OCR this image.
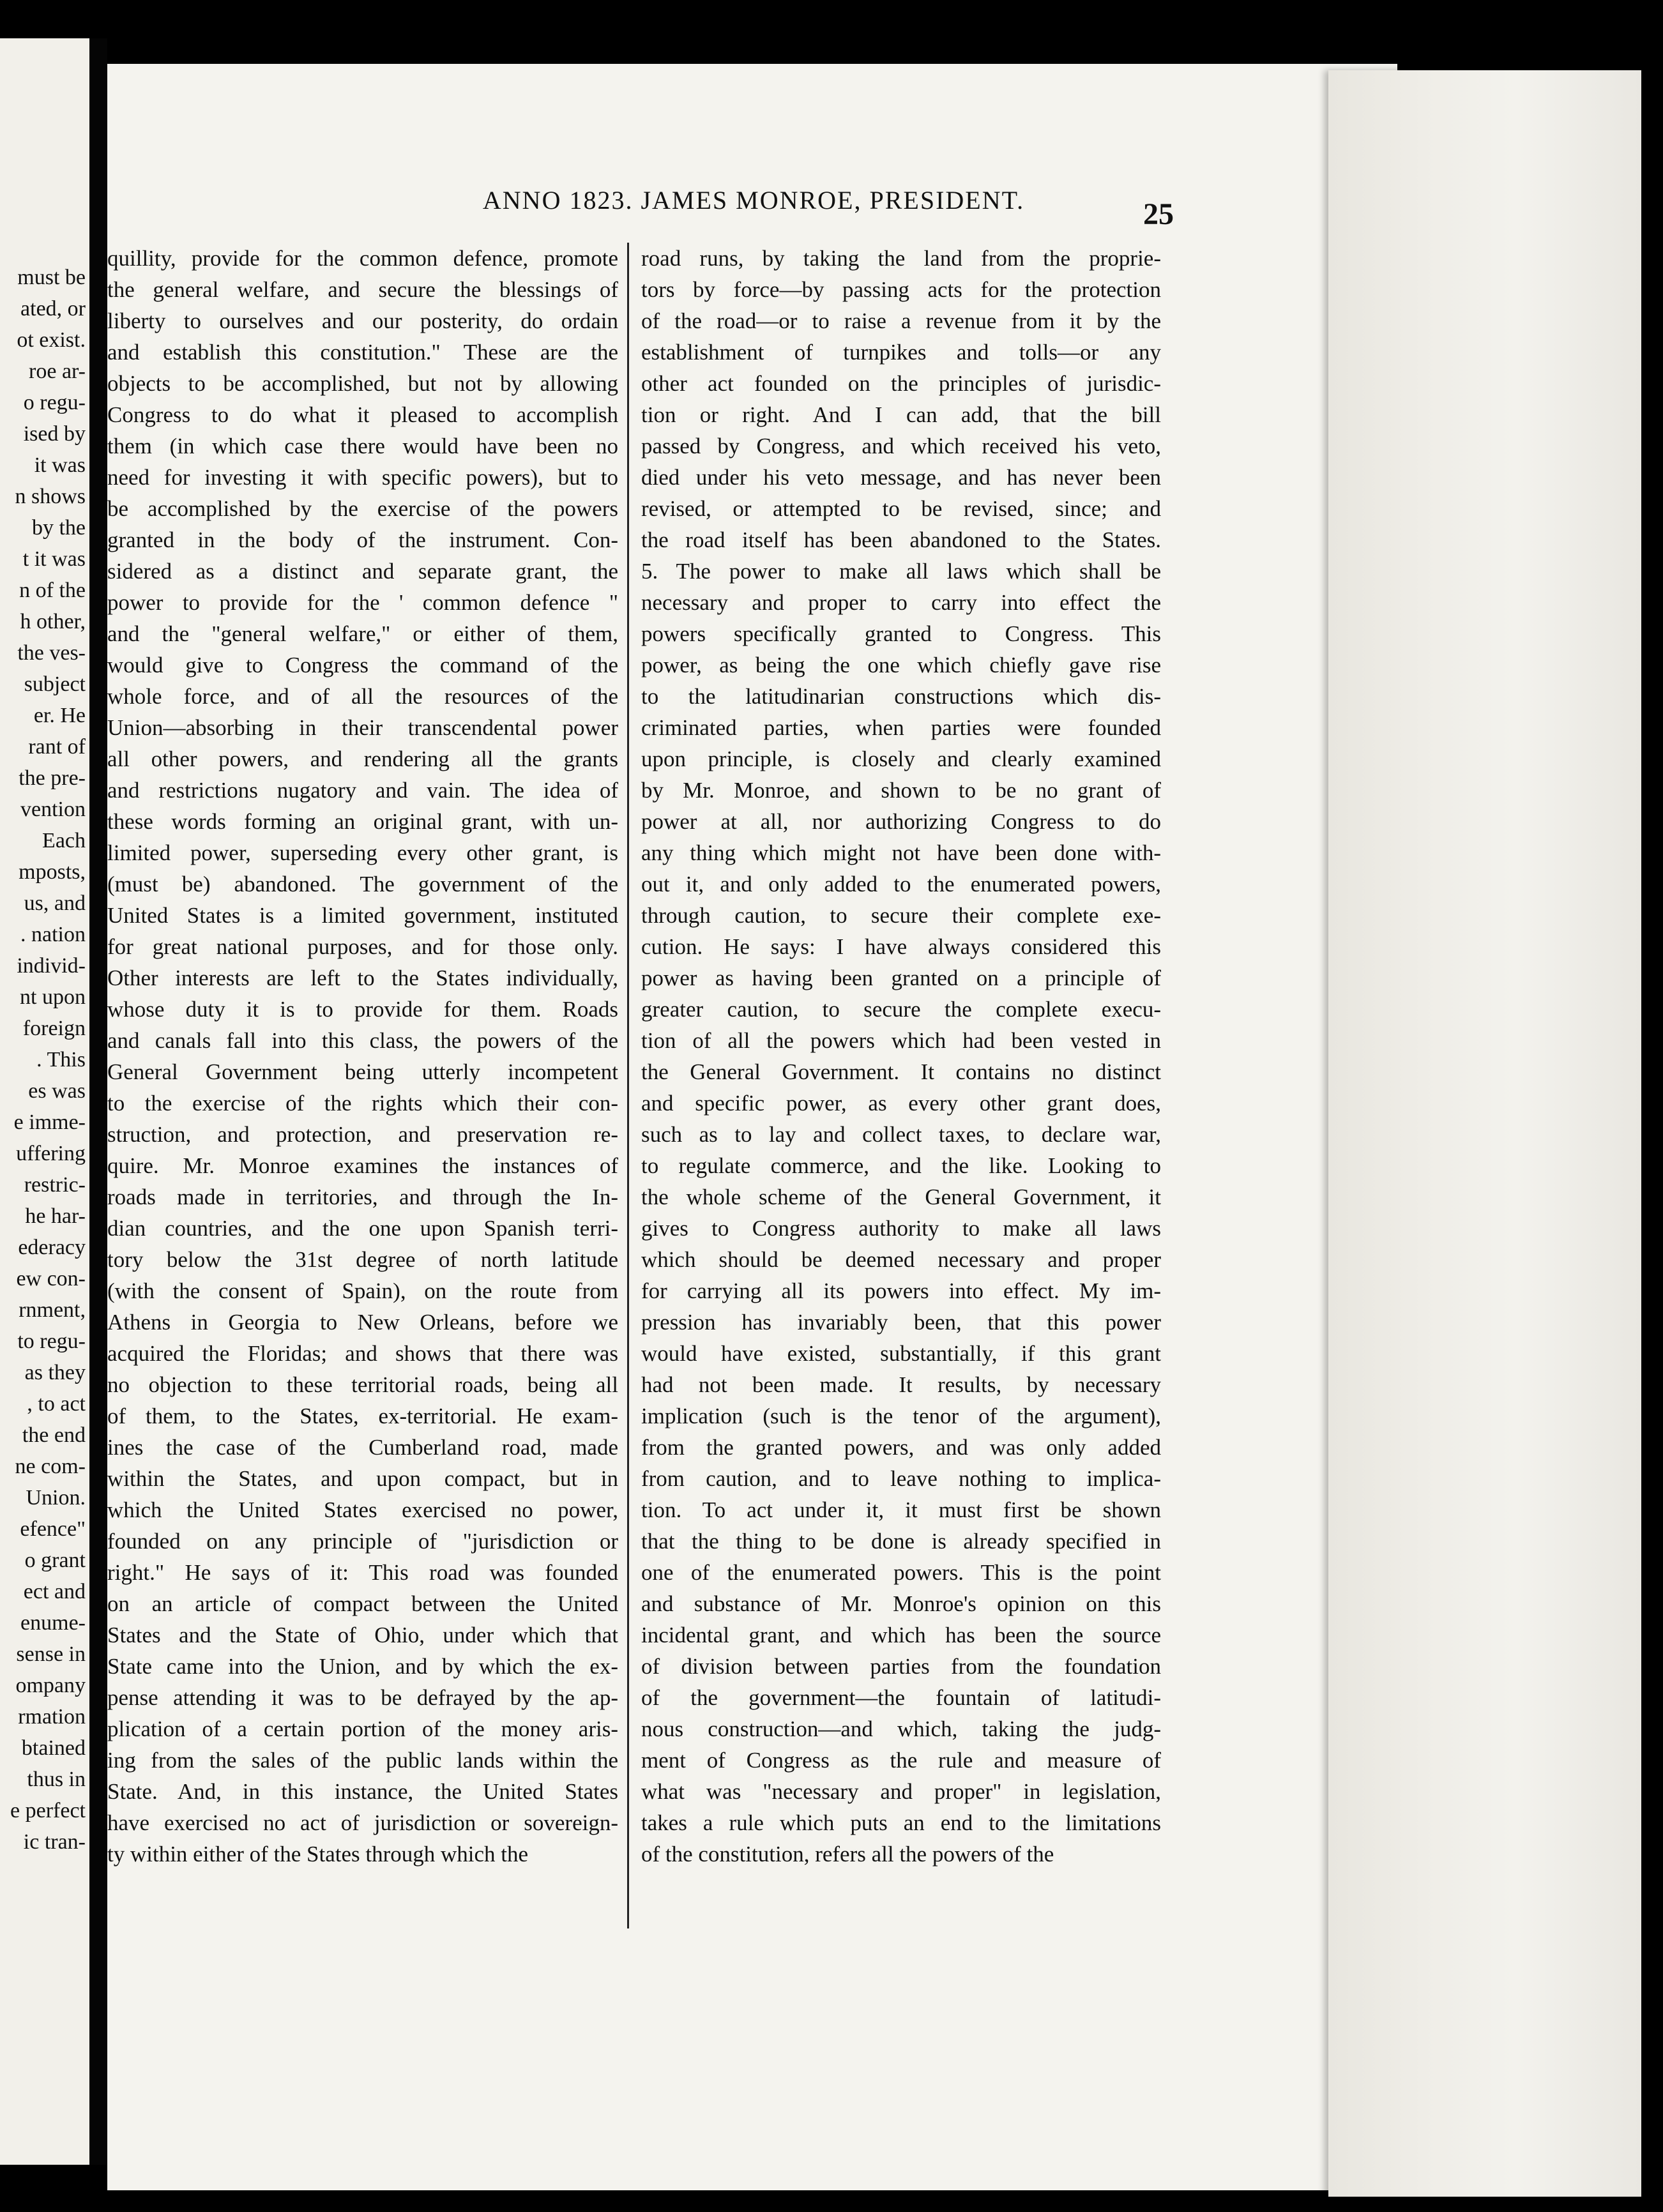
must be
ated, or
ot exist.
roe ar-
o regu-
ised by
it was
n shows
by the
t it was
n of the
h other,
the ves-
subject
er. He
rant of
the pre-
vention
Each
mposts,
us, and
. nation
individ-
nt upon
foreign
. This
es was
e imme-
uffering
restric-
he har-
ederacy
ew con-
rnment,
to regu-
as they
, to act
the end
ne com-
Union.
efence"
o grant
ect and
enume-
sense in
ompany
rmation
btained
thus in
e perfect
ic tran-
ANNO 1823. JAMES MONROE, PRESIDENT.	25
quillity, provide for the common defence, promote
the general welfare, and secure the blessings of
liberty to ourselves and our posterity, do ordain
and establish this constitution." These are the
objects to be accomplished, but not by allowing
Congress to do what it pleased to accomplish
them (in which case there would have been no
need for investing it with specific powers), but to
be accomplished by the exercise of the powers
granted in the body of the instrument. Con-
sidered as a distinct and separate grant, the
power to provide for the ' common defence "
and the "general welfare," or either of them,
would give to Congress the command of the
whole force, and of all the resources of the
Union—absorbing in their transcendental power
all other powers, and rendering all the grants
and restrictions nugatory and vain. The idea of
these words forming an original grant, with un-
limited power, superseding every other grant, is
(must be) abandoned. The government of the
United States is a limited government, instituted
for great national purposes, and for those only.
Other interests are left to the States individually,
whose duty it is to provide for them. Roads
and canals fall into this class, the powers of the
General Government being utterly incompetent
to the exercise of the rights which their con-
struction, and protection, and preservation re-
quire. Mr. Monroe examines the instances of
roads made in territories, and through the In-
dian countries, and the one upon Spanish terri-
tory below the 31st degree of north latitude
(with the consent of Spain), on the route from
Athens in Georgia to New Orleans, before we
acquired the Floridas; and shows that there was
no objection to these territorial roads, being all
of them, to the States, ex-territorial. He exam-
ines the case of the Cumberland road, made
within the States, and upon compact, but in
which the United States exercised no power,
founded on any principle of "jurisdiction or
right." He says of it: This road was founded
on an article of compact between the United
States and the State of Ohio, under which that
State came into the Union, and by which the ex-
pense attending it was to be defrayed by the ap-
plication of a certain portion of the money aris-
ing from the sales of the public lands within the
State. And, in this instance, the United States
have exercised no act of jurisdiction or sovereign-
ty within either of the States through which the
road runs, by taking the land from the proprie-
tors by force—by passing acts for the protection
of the road—or to raise a revenue from it by the
establishment of turnpikes and tolls—or any
other act founded on the principles of jurisdic-
tion or right. And I can add, that the bill
passed by Congress, and which received his veto,
died under his veto message, and has never been
revised, or attempted to be revised, since; and
the road itself has been abandoned to the States.
5. The power to make all laws which shall be
necessary and proper to carry into effect the
powers specifically granted to Congress. This
power, as being the one which chiefly gave rise
to the latitudinarian constructions which dis-
criminated parties, when parties were founded
upon principle, is closely and clearly examined
by Mr. Monroe, and shown to be no grant of
power at all, nor authorizing Congress to do
any thing which might not have been done with-
out it, and only added to the enumerated powers,
through caution, to secure their complete exe-
cution. He says: I have always considered this
power as having been granted on a principle of
greater caution, to secure the complete execu-
tion of all the powers which had been vested in
the General Government. It contains no distinct
and specific power, as every other grant does,
such as to lay and collect taxes, to declare war,
to regulate commerce, and the like. Looking to
the whole scheme of the General Government, it
gives to Congress authority to make all laws
which should be deemed necessary and proper
for carrying all its powers into effect. My im-
pression has invariably been, that this power
would have existed, substantially, if this grant
had not been made. It results, by necessary
implication (such is the tenor of the argument),
from the granted powers, and was only added
from caution, and to leave nothing to implica-
tion. To act under it, it must first be shown
that the thing to be done is already specified in
one of the enumerated powers. This is the point
and substance of Mr. Monroe's opinion on this
incidental grant, and which has been the source
of division between parties from the foundation
of the government—the fountain of latitudi-
nous construction—and which, taking the judg-
ment of Congress as the rule and measure of
what was "necessary and proper" in legislation,
takes a rule which puts an end to the limitations
of the constitution, refers all the powers of the
